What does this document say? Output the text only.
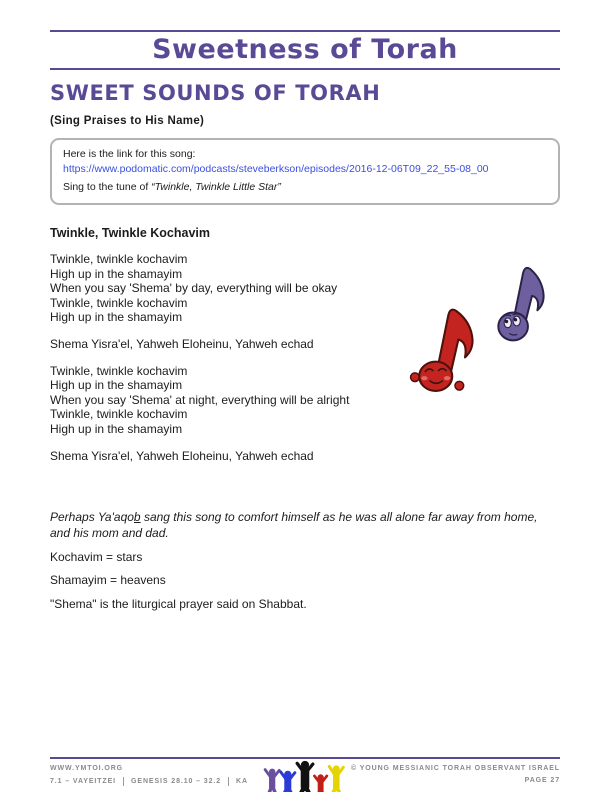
Sweetness of Torah
SWEET SOUNDS OF TORAH
(Sing Praises to His Name)
Here is the link for this song:
https://www.podomatic.com/podcasts/steveberkson/episodes/2016-12-06T09_22_55-08_00
Sing to the tune of “Twinkle, Twinkle Little Star”
Twinkle, Twinkle Kochavim
Twinkle, twinkle kochavim
High up in the shamayim
When you say 'Shema' by day, everything will be okay
Twinkle, twinkle kochavim
High up in the shamayim
Shema Yisra'el, Yahweh Eloheinu, Yahweh echad
Twinkle, twinkle kochavim
High up in the shamayim
When you say 'Shema' at night, everything will be alright
Twinkle, twinkle kochavim
High up in the shamayim
Shema Yisra'el, Yahweh Eloheinu, Yahweh echad
Perhaps Ya'aqob sang this song to comfort himself as he was all alone far away from home, and his mom and dad.
Kochavim = stars
Shamayim = heavens
"Shema" is the liturgical prayer said on Shabbat.
WWW.YMTOI.ORG
7.1 – VAYEITZEI GENESIS 28.10 – 32.2 KA
© YOUNG MESSIANIC TORAH OBSERVANT ISRAEL
PAGE 27
